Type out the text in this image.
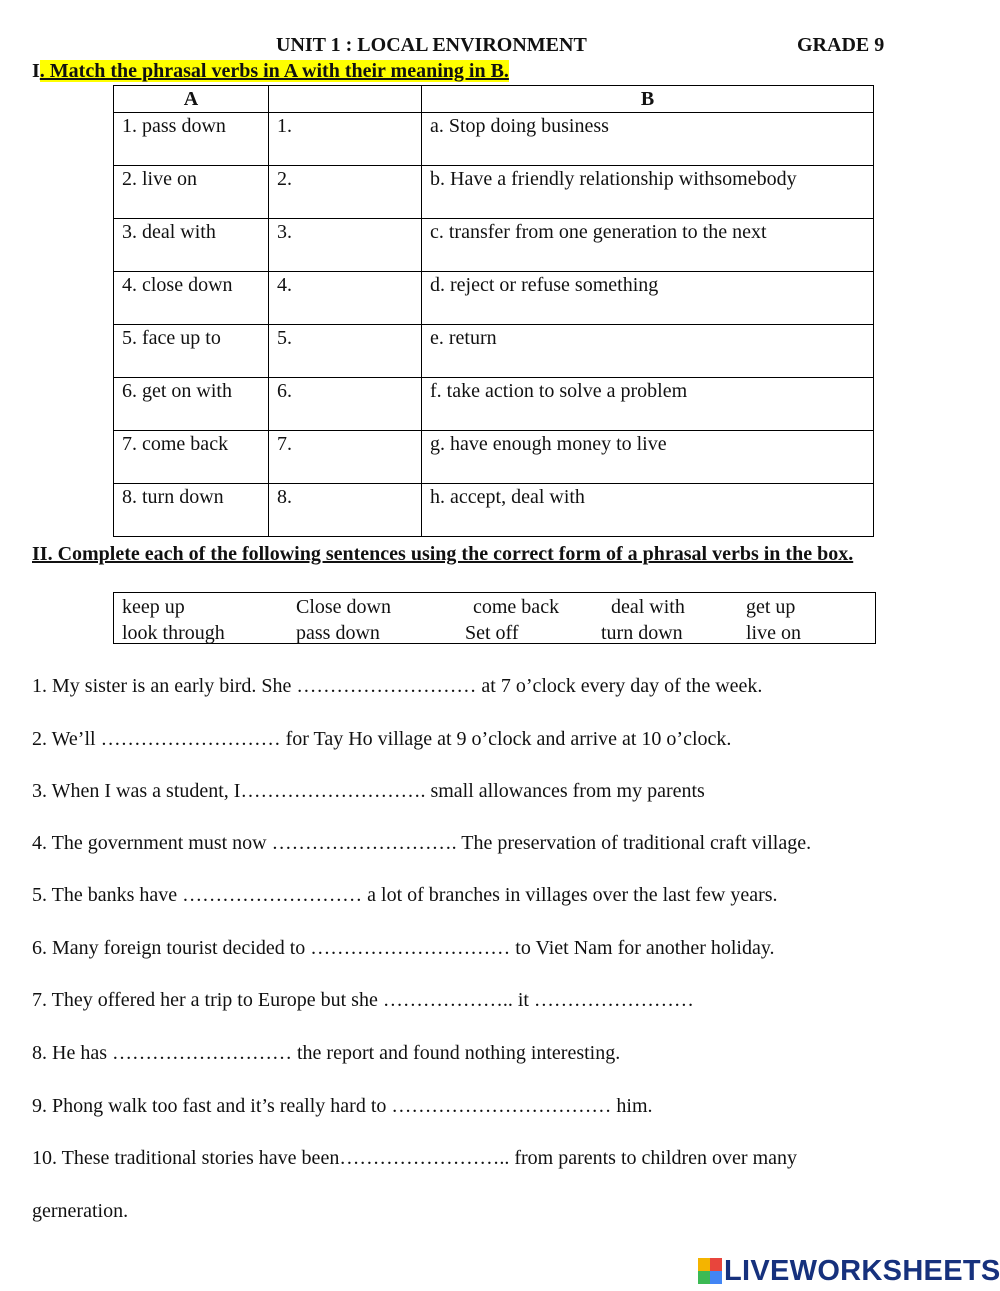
UNIT 1 : LOCAL ENVIRONMENT	GRADE 9
I. Match the phrasal verbs in A with their meaning in B.
A		B
1. pass down	1.	a. Stop doing business
2. live on	2.	b. Have a friendly relationship withsomebody
3. deal with	3.	c. transfer from one generation to the next
4. close down	4.	d. reject or refuse something
5. face up to	5.	e. return
6. get on with	6.	f. take action to solve a problem
7. come back	7.	g. have enough money to live
8. turn down	8.	h. accept, deal with
II. Complete each of the following sentences using the correct form of a phrasal verbs in the box.
keep up	Close down	come back	deal with	get up
look through	pass down	Set off	turn down	live on
1. My sister is an early bird. She ……………………… at 7 o’clock every day of the week.
2. We’ll ……………………… for Tay Ho village at 9 o’clock and arrive at 10 o’clock.
3. When I was a student, I………………………. small allowances from my parents
4. The government must now ………………………. The preservation of traditional craft village.
5. The banks have ……………………… a lot of branches in villages over the last few years.
6. Many foreign tourist decided to ………………………… to Viet Nam for another holiday.
7. They offered her a trip to Europe but she ……………….. it ……………………
8. He has ……………………… the report and found nothing interesting.
9. Phong walk too fast and it’s really hard to …………………………… him.
10. These traditional stories have been…………………….. from parents to children over many
gerneration.
LIVEWORKSHEETS
